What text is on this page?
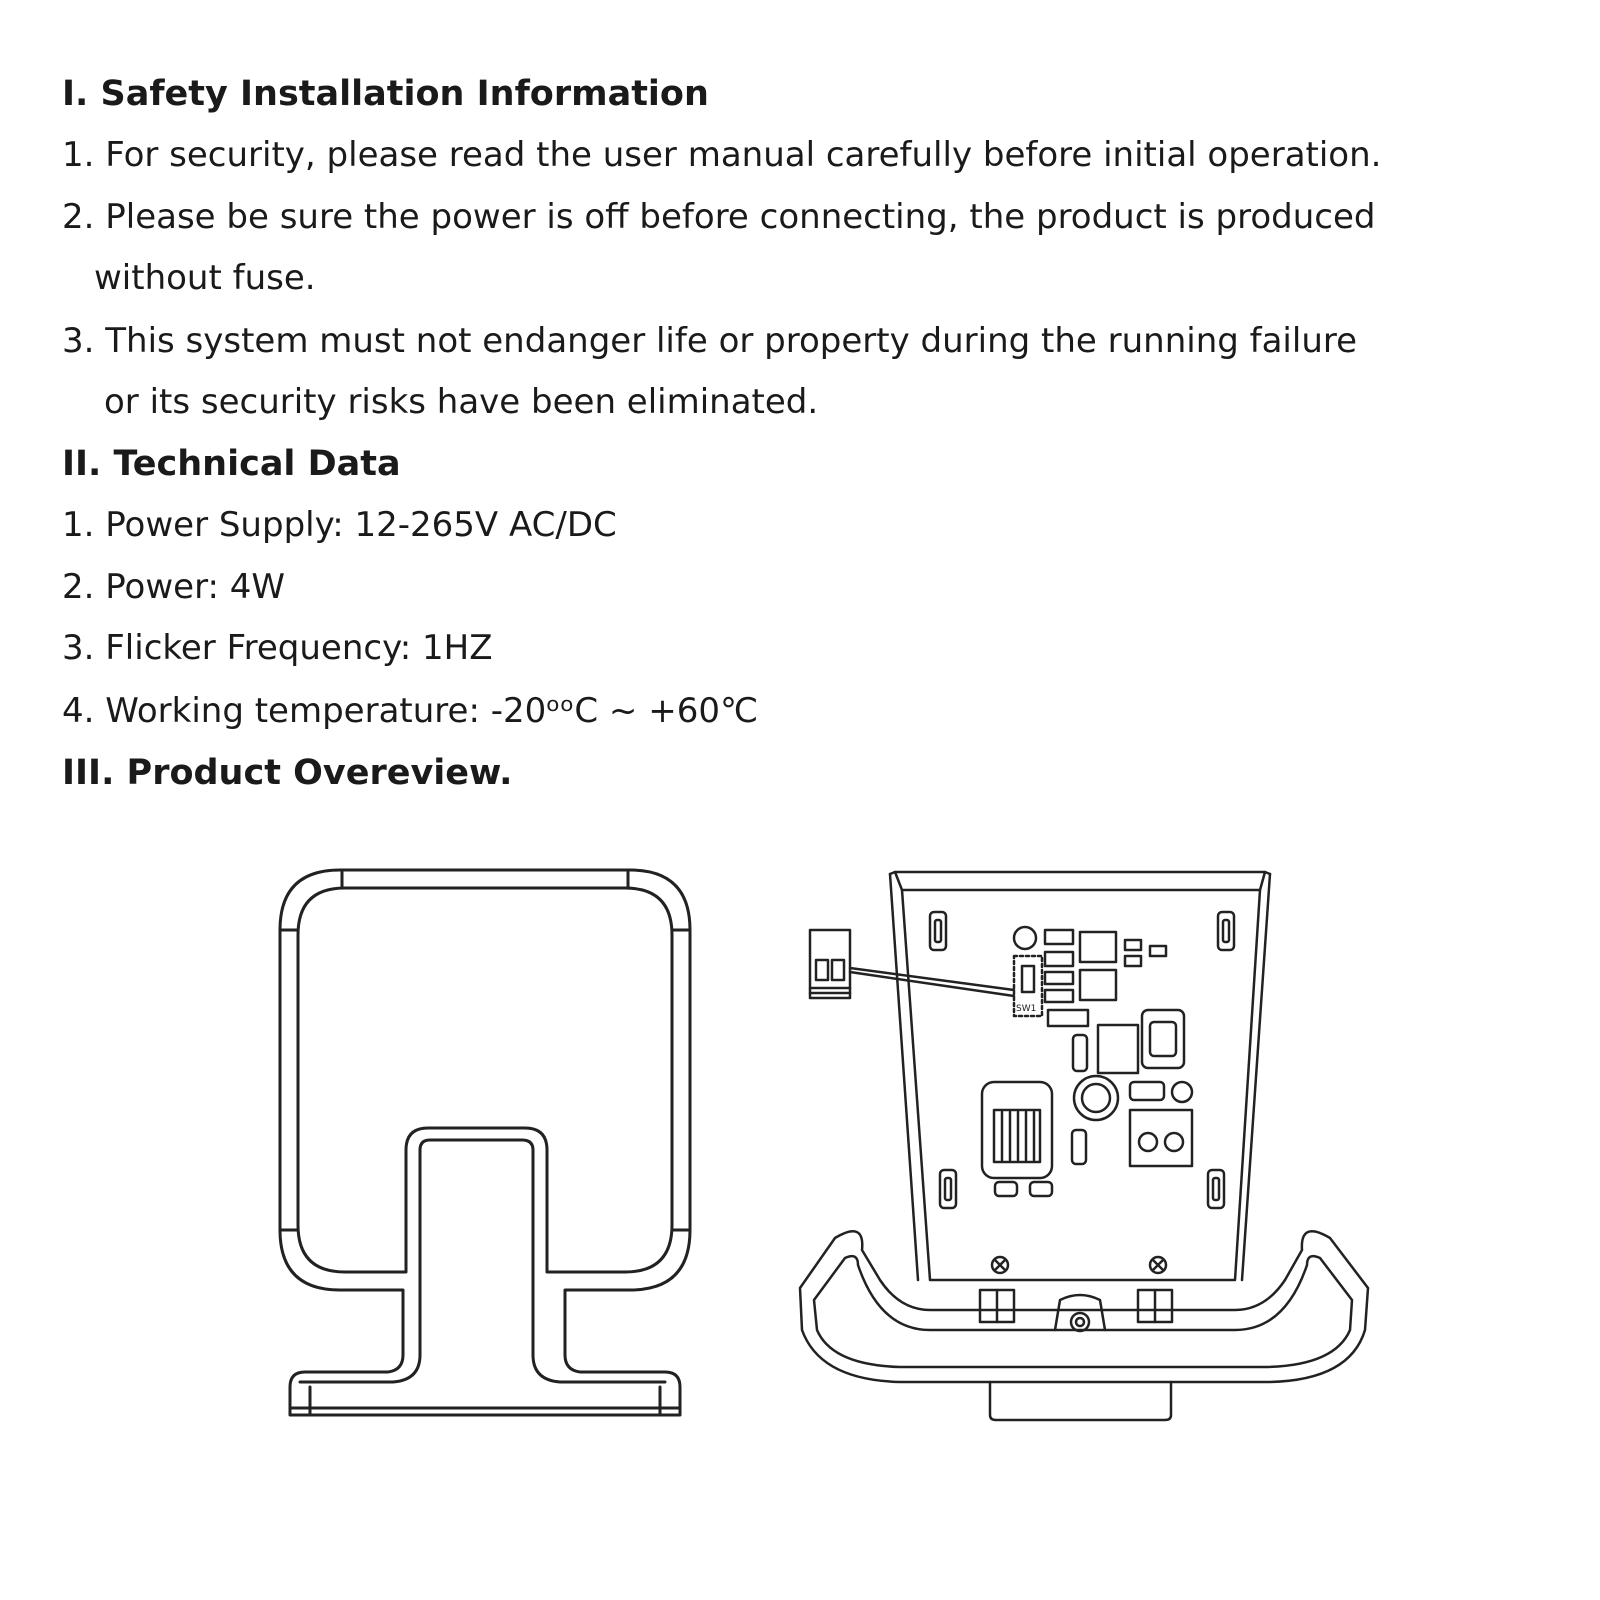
I. Safety Installation Information
1. For security, please read the user manual carefully before initial operation.
2. Please be sure the power is off before connecting, the product is produced
without fuse.
3. This system must not endanger life or property during the running failure
or its security risks have been eliminated.
II. Technical Data
1. Power Supply: 12-265V AC/DC
2. Power: 4W
3. Flicker Frequency: 1HZ
4. Working temperature: -20ᵒᵒC ~ +60℃
III. Product Overeview.
SW1
